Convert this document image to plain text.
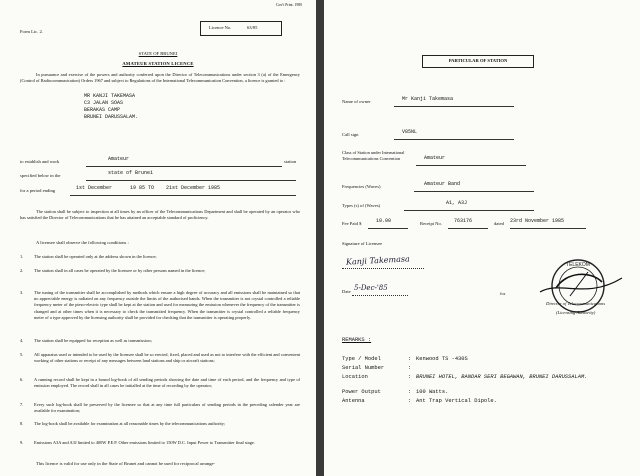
Gov't Print. 1980
Form Lic. 2.
Licence No.	63/85
STATE OF BRUNEI
AMATEUR STATION LICENCE
In pursuance and exercise of the powers and authority conferred upon the Director of Telecommunications under section 3 (a) of the Emergency (Control of Radiocommunication) Orders 1967 and subject to Regulations of the International Telecommunication Convention, a licence is granted to :
MR KANJI TAKEMASA
C3 JALAN SOAS
BERAKAS CAMP
BRUNEI DARUSSALAM.
to establish and work	Amateur	station
specified below in the	state of Brunei
for a period ending	1st December	19 85 TO 21st December 1985
The station shall be subject to inspection at all times by an officer of the Telecommunications Department and shall be operated by an operator who has satisfied the Director of Telecommunications that he has attained an acceptable standard of proficiency.
A licensee shall observe the following conditions :
1. The station shall be operated only at the address shown in the licence;
2. The station shall in all cases be operated by the licensee or by other persons named in the licence;
3. The tuning of the transmitter shall be accomplished by methods which ensure a high degree of accuracy and all emissions shall be maintained so that no appreciable energy is radiated on any frequency outside the limits of the authorised bands. When the transmitter is not crystal controlled a reliable frequency meter of the piezo-electric type shall be kept at the station and used for measuring the emission whenever the frequency of the transmitter is changed and at other times when it is necessary to check the transmitted frequency. When the transmitter is crystal controlled a reliable frequency meter of a type approved by the licensing authority shall be provided for checking that the transmitter is operating properly.
4. The station shall be equipped for reception as well as transmission;
5. All apparatus used or intended to be used by the licensee shall be so erected, fixed, placed and used as not to interfere with the efficient and convenient working of other stations or receipt of any messages between land stations and ship or aircraft stations;
6. A running record shall be kept in a bound log-book of all sending periods showing the date and time of each period, and the frequency and type of emission employed. The record shall in all cases be initialled at the time of recording by the operator;
7. Every such log-book shall be preserved by the licensee so that at any time full particulars of sending periods in the preceding calender year are available for examination;
8. The log-book shall be available for examination at all reasonable times by the telecommunications authority;
9. Emissions A3A and A3J limited to 400W P.E.P. Other emissions limited to 150W D.C. Input Power to Transmitter final stage.
This licence is valid for use only in the State of Brunei and cannot be used for reciprocal arrange-
PARTICULAR OF STATION
Name of owner	Mr Kanji Takemasa
Call sign	V85NL
Class of Station under International Telecommunications Convention	Amateur
Frequencies (Waves)	Amateur Band
Types (s) of (Waves)	A1, A3J
Fee Paid $	10.00	Receipt No. 763176	dated 23rd November 1985
Signature of Licensee
Kanji Takemasa
Date 5-Dec-'85
TELEKOM
for
Director of Telecommunications
(Licensing Authority)
REMARKS :
Type / Model	: Kenwood TS -430S
Serial Number	:
Location	: BRUNEI HOTEL, BANDAR SERI BEGAWAN, BRUNEI DARUSSALAM.
Power Output	: 100 Watts.
Antenna	: Ant Trap Vertical Dipole.
